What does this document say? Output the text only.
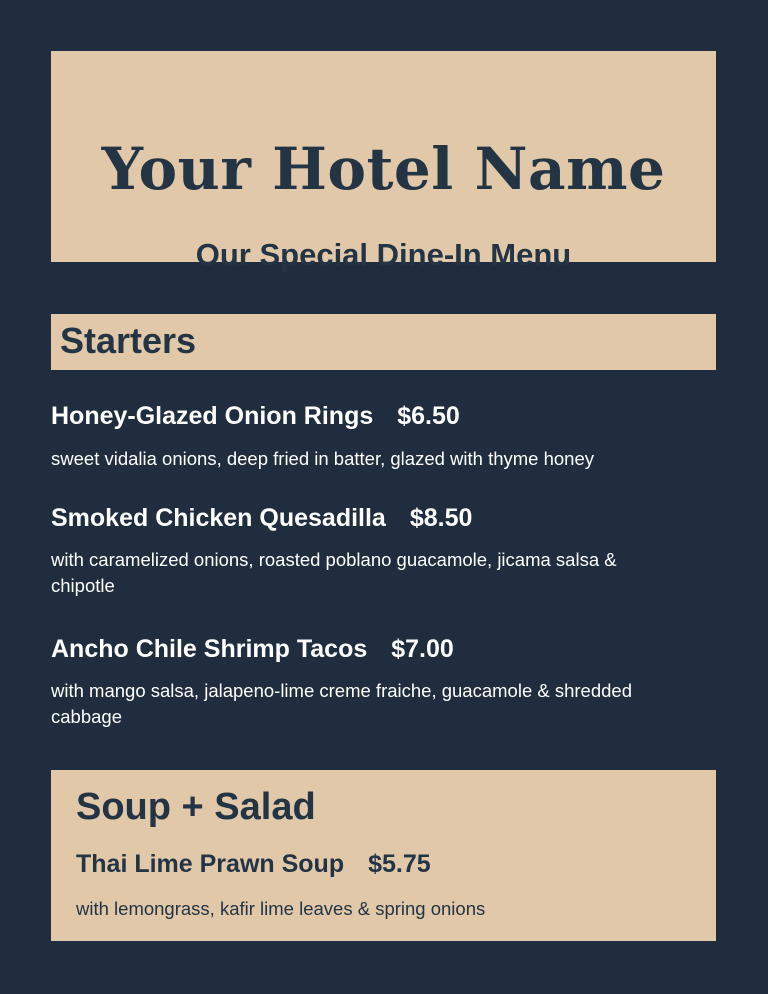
Your Hotel Name
Our Special Dine-In Menu
Starters
Honey-Glazed Onion Rings $6.50
sweet vidalia onions, deep fried in batter, glazed with thyme honey
Smoked Chicken Quesadilla $8.50
with caramelized onions, roasted poblano guacamole, jicama salsa & chipotle
Ancho Chile Shrimp Tacos $7.00
with mango salsa, jalapeno-lime creme fraiche, guacamole & shredded cabbage
Soup + Salad
Thai Lime Prawn Soup $5.75
with lemongrass, kafir lime leaves & spring onions
